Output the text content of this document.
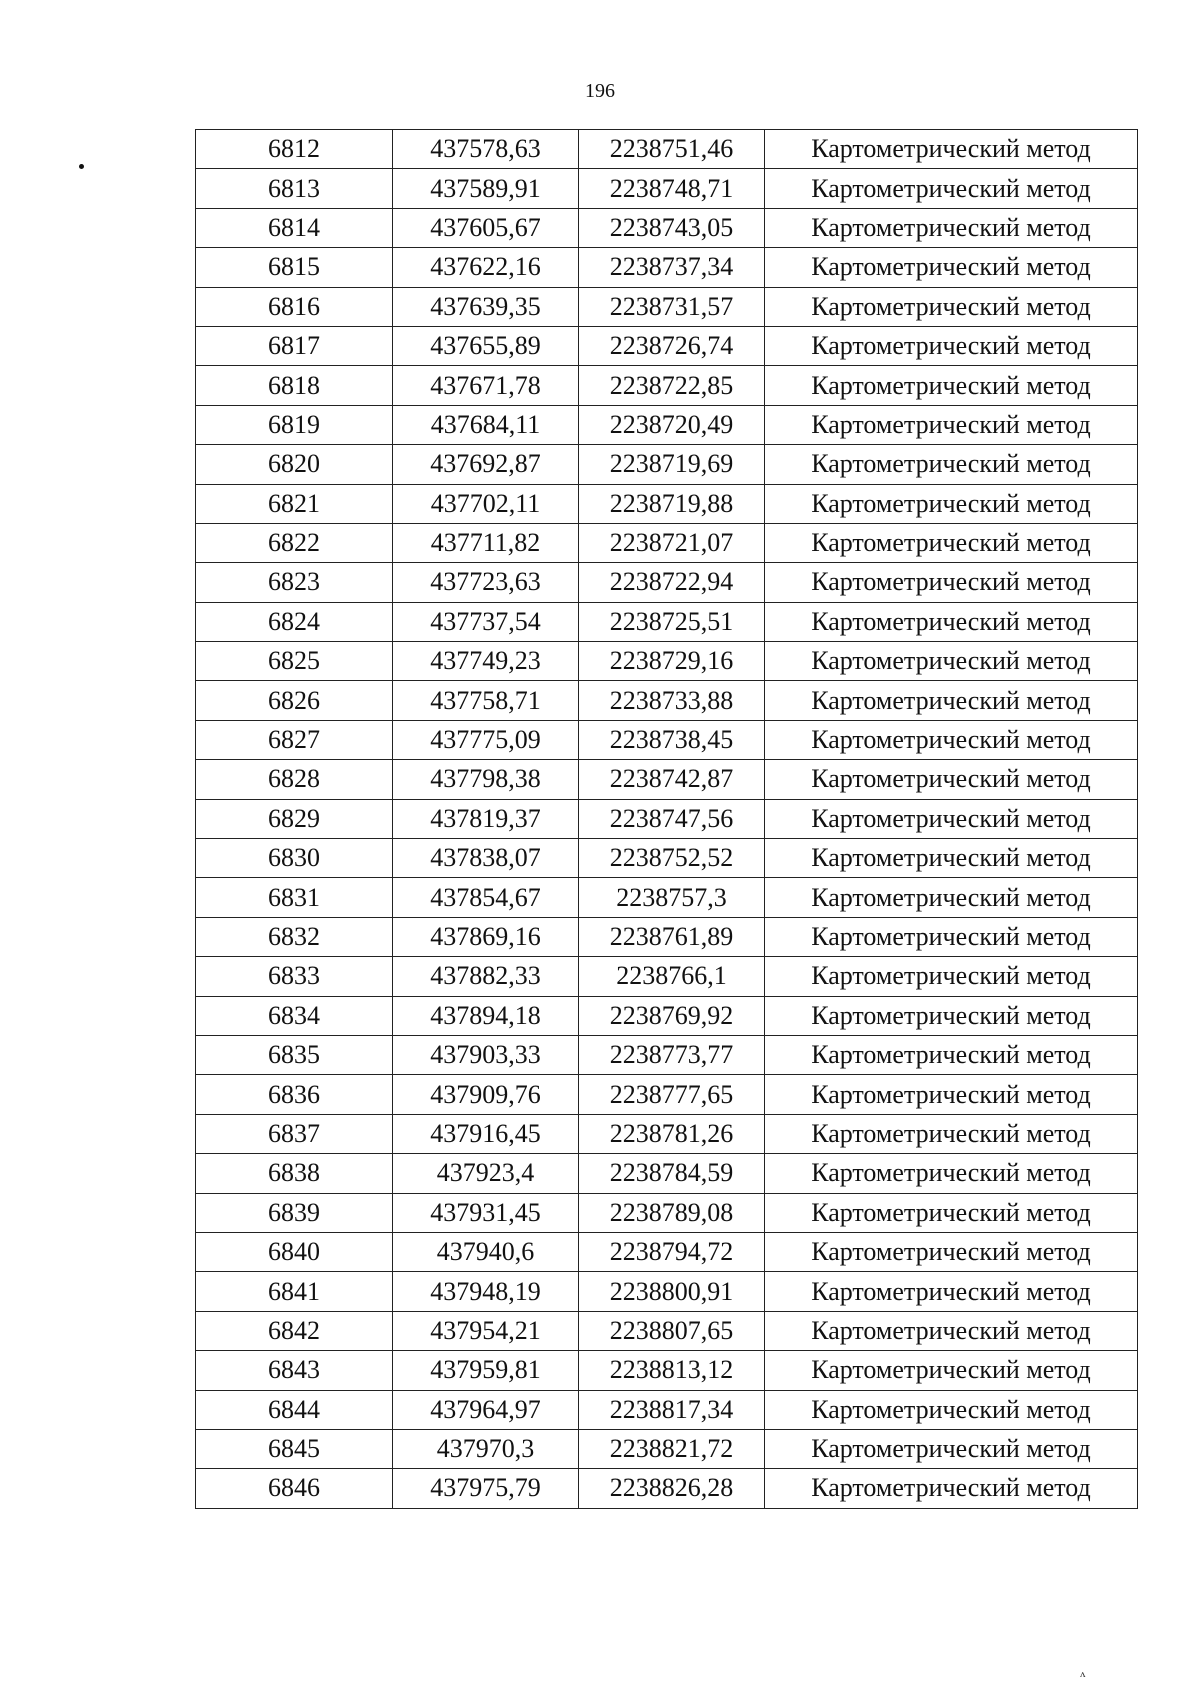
196
6812	437578,63	2238751,46	Картометрический метод
6813	437589,91	2238748,71	Картометрический метод
6814	437605,67	2238743,05	Картометрический метод
6815	437622,16	2238737,34	Картометрический метод
6816	437639,35	2238731,57	Картометрический метод
6817	437655,89	2238726,74	Картометрический метод
6818	437671,78	2238722,85	Картометрический метод
6819	437684,11	2238720,49	Картометрический метод
6820	437692,87	2238719,69	Картометрический метод
6821	437702,11	2238719,88	Картометрический метод
6822	437711,82	2238721,07	Картометрический метод
6823	437723,63	2238722,94	Картометрический метод
6824	437737,54	2238725,51	Картометрический метод
6825	437749,23	2238729,16	Картометрический метод
6826	437758,71	2238733,88	Картометрический метод
6827	437775,09	2238738,45	Картометрический метод
6828	437798,38	2238742,87	Картометрический метод
6829	437819,37	2238747,56	Картометрический метод
6830	437838,07	2238752,52	Картометрический метод
6831	437854,67	2238757,3	Картометрический метод
6832	437869,16	2238761,89	Картометрический метод
6833	437882,33	2238766,1	Картометрический метод
6834	437894,18	2238769,92	Картометрический метод
6835	437903,33	2238773,77	Картометрический метод
6836	437909,76	2238777,65	Картометрический метод
6837	437916,45	2238781,26	Картометрический метод
6838	437923,4	2238784,59	Картометрический метод
6839	437931,45	2238789,08	Картометрический метод
6840	437940,6	2238794,72	Картометрический метод
6841	437948,19	2238800,91	Картометрический метод
6842	437954,21	2238807,65	Картометрический метод
6843	437959,81	2238813,12	Картометрический метод
6844	437964,97	2238817,34	Картометрический метод
6845	437970,3	2238821,72	Картометрический метод
6846	437975,79	2238826,28	Картометрический метод
ʌ
